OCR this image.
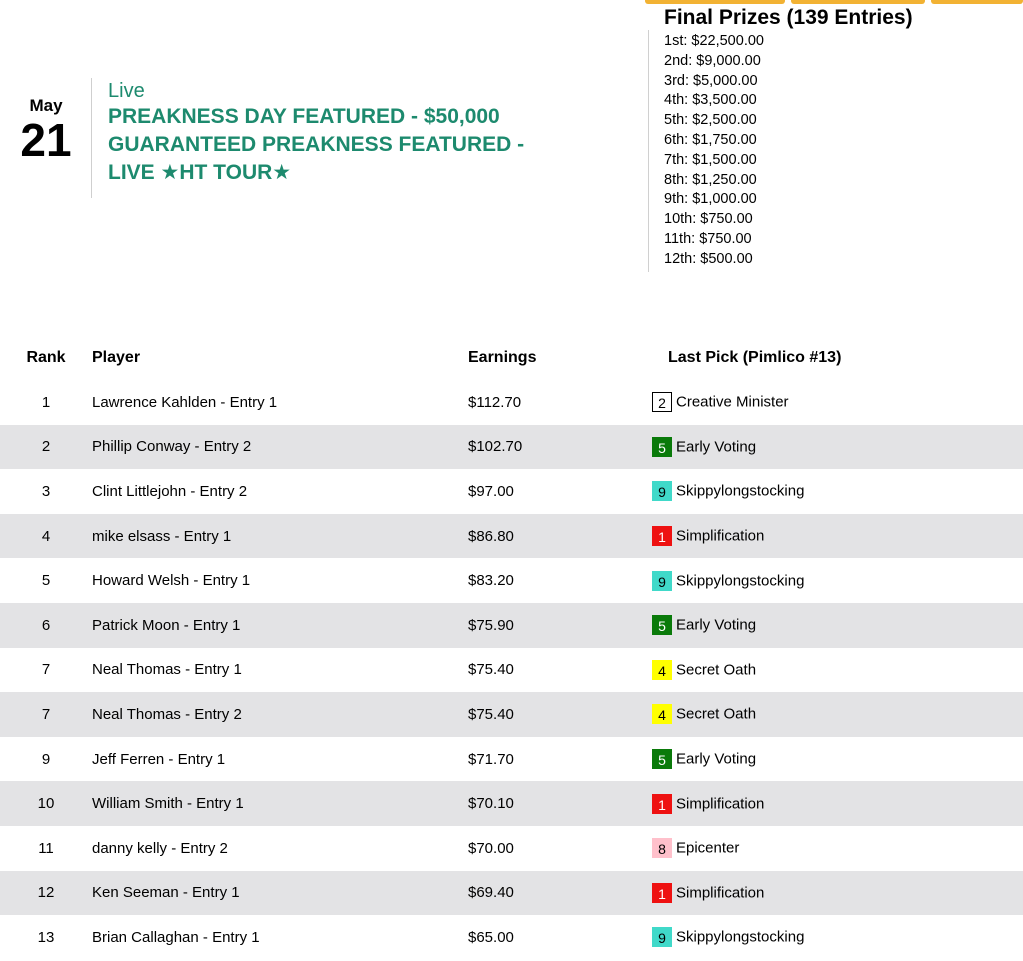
May
21
Live
PREAKNESS DAY FEATURED - $50,000
GUARANTEED PREAKNESS FEATURED -
LIVE ★HT TOUR★
Final Prizes (139 Entries)
1st: $22,500.00
2nd: $9,000.00
3rd: $5,000.00
4th: $3,500.00
5th: $2,500.00
6th: $1,750.00
7th: $1,500.00
8th: $1,250.00
9th: $1,000.00
10th: $750.00
11th: $750.00
12th: $500.00
Rank	Player	Earnings	Last Pick (Pimlico #13)
1	Lawrence Kahlden - Entry 1	$112.70	2 Creative Minister
2	Phillip Conway - Entry 2	$102.70	5 Early Voting
3	Clint Littlejohn - Entry 2	$97.00	9 Skippylongstocking
4	mike elsass - Entry 1	$86.80	1 Simplification
5	Howard Welsh - Entry 1	$83.20	9 Skippylongstocking
6	Patrick Moon - Entry 1	$75.90	5 Early Voting
7	Neal Thomas - Entry 1	$75.40	4 Secret Oath
7	Neal Thomas - Entry 2	$75.40	4 Secret Oath
9	Jeff Ferren - Entry 1	$71.70	5 Early Voting
10	William Smith - Entry 1	$70.10	1 Simplification
11	danny kelly - Entry 2	$70.00	8 Epicenter
12	Ken Seeman - Entry 1	$69.40	1 Simplification
13	Brian Callaghan - Entry 1	$65.00	9 Skippylongstocking
